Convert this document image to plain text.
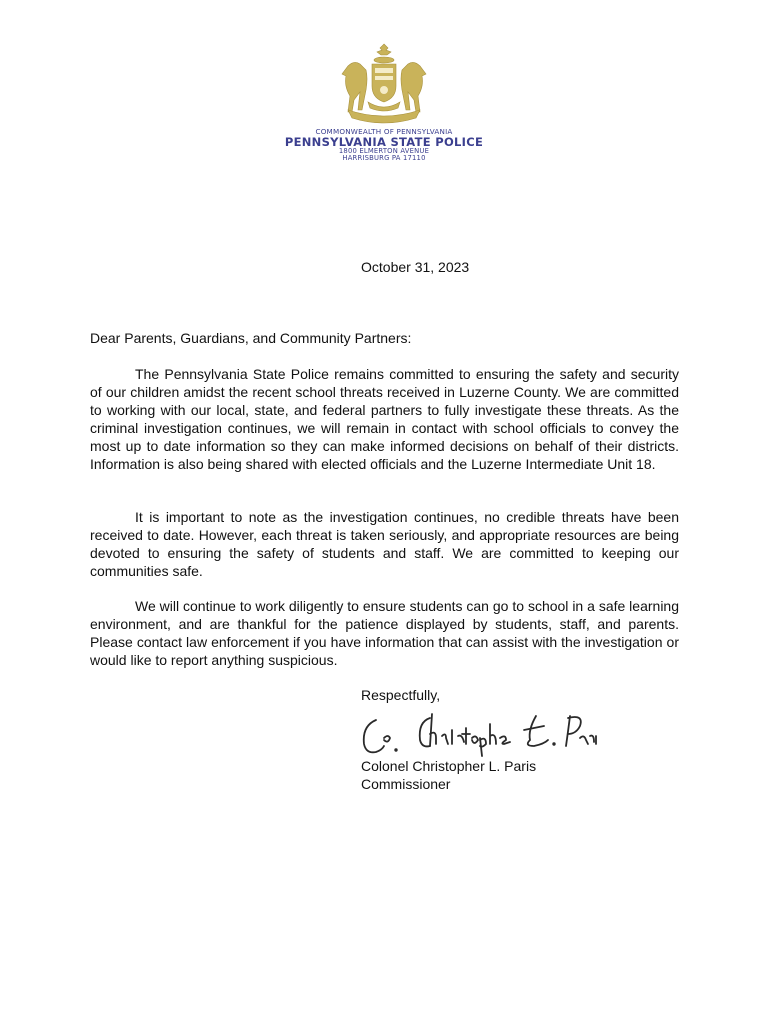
COMMONWEALTH OF PENNSYLVANIA
PENNSYLVANIA STATE POLICE
1800 ELMERTON AVENUE
HARRISBURG PA 17110
October 31, 2023
Dear Parents, Guardians, and Community Partners:

The Pennsylvania State Police remains committed to ensuring the safety and security of our children amidst the recent school threats received in Luzerne County. We are committed to working with our local, state, and federal partners to fully investigate these threats. As the criminal investigation continues, we will remain in contact with school officials to convey the most up to date information so they can make informed decisions on behalf of their districts. Information is also being shared with elected officials and the Luzerne Intermediate Unit 18.

It is important to note as the investigation continues, no credible threats have been received to date. However, each threat is taken seriously, and appropriate resources are being devoted to ensuring the safety of students and staff. We are committed to keeping our communities safe.

We will continue to work diligently to ensure students can go to school in a safe learning environment, and are thankful for the patience displayed by students, staff, and parents. Please contact law enforcement if you have information that can assist with the investigation or would like to report anything suspicious.

Respectfully,
Colonel Christopher L. Paris
Commissioner
